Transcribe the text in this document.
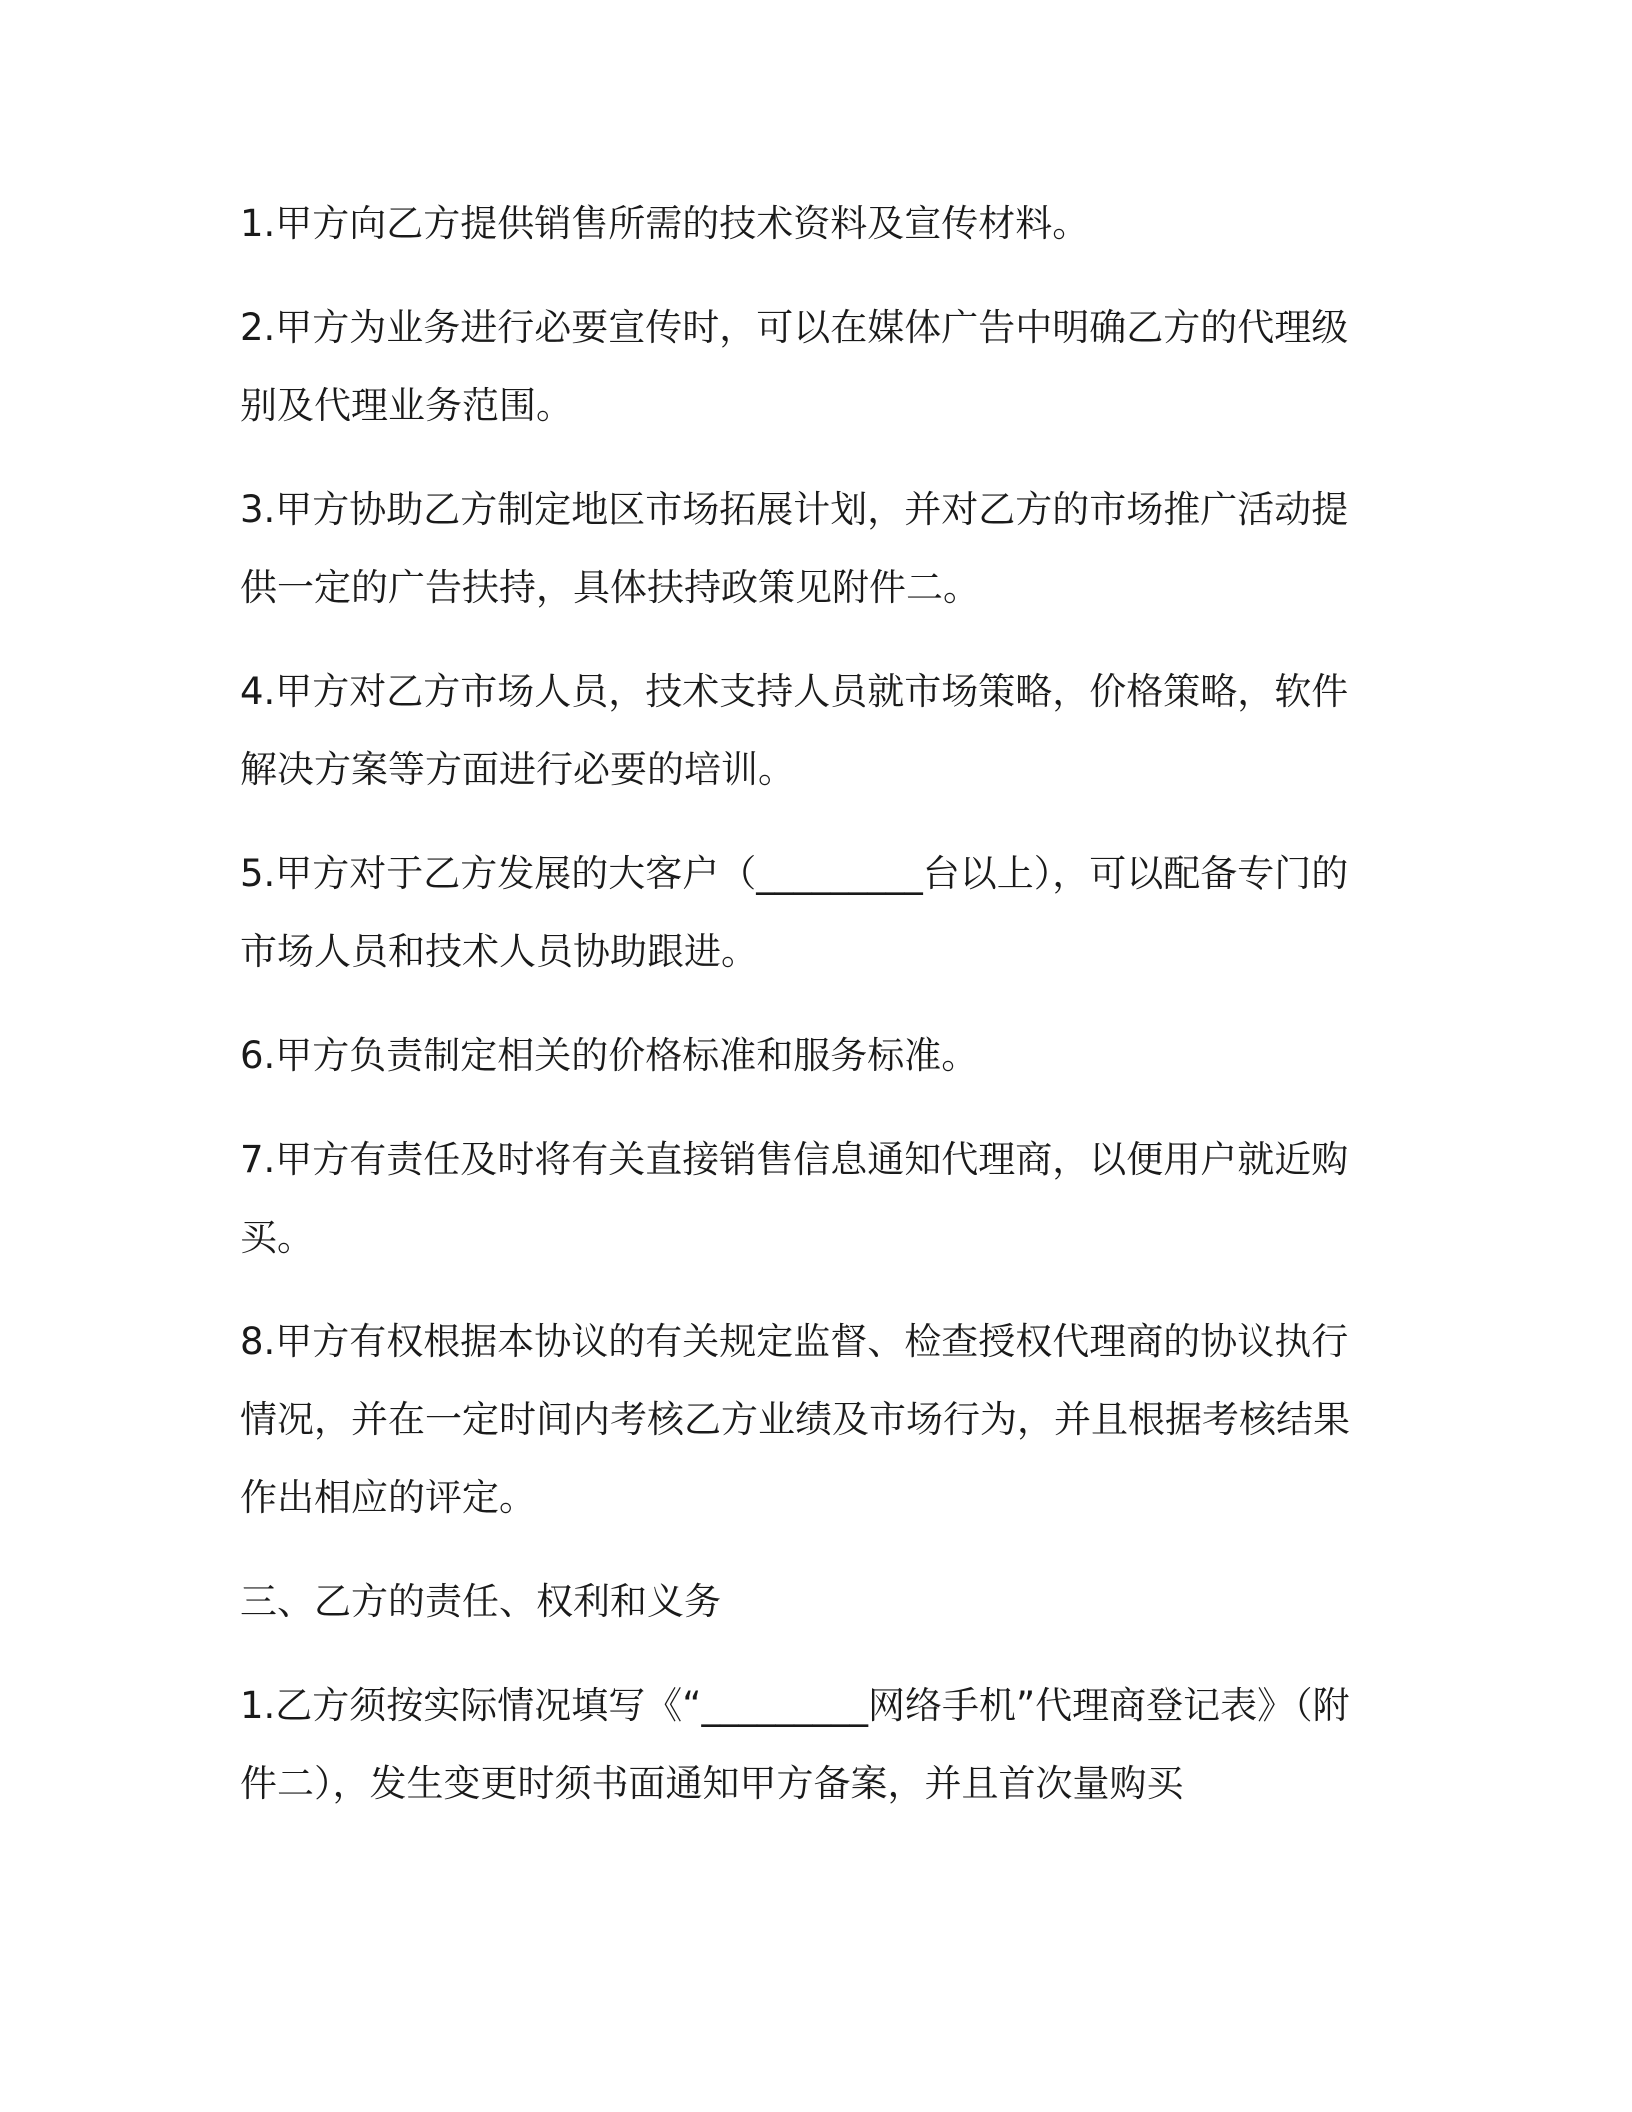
1.甲方向乙方提供销售所需的技术资料及宣传材料。

2.甲方为业务进行必要宣传时，可以在媒体广告中明确乙方的代理级别及代理业务范围。

3.甲方协助乙方制定地区市场拓展计划，并对乙方的市场推广活动提供一定的广告扶持，具体扶持政策见附件二。

4.甲方对乙方市场人员，技术支持人员就市场策略，价格策略，软件解决方案等方面进行必要的培训。

5.甲方对于乙方发展的大客户（_________台以上），可以配备专门的市场人员和技术人员协助跟进。

6.甲方负责制定相关的价格标准和服务标准。

7.甲方有责任及时将有关直接销售信息通知代理商，以便用户就近购买。

8.甲方有权根据本协议的有关规定监督、检查授权代理商的协议执行情况，并在一定时间内考核乙方业绩及市场行为，并且根据考核结果作出相应的评定。

三、乙方的责任、权利和义务

1.乙方须按实际情况填写《“_________网络手机”代理商登记表》（附件二），发生变更时须书面通知甲方备案，并且首次量购买
